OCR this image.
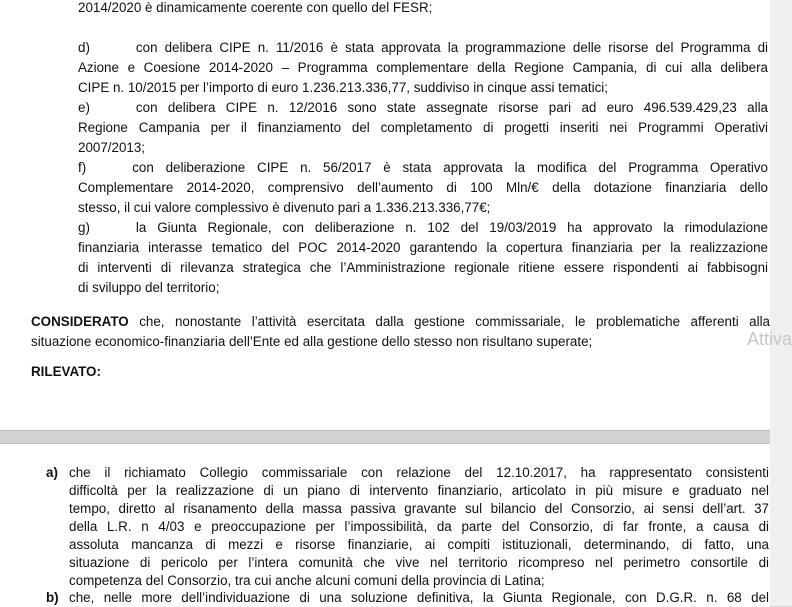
2014/2020 è dinamicamente coerente con quello del FESR;
d)	con delibera CIPE n. 11/2016 è stata approvata la programmazione delle risorse del Programma di
Azione e Coesione 2014-2020 – Programma complementare della Regione Campania, di cui alla delibera
CIPE n. 10/2015 per l’importo di euro 1.236.213.336,77, suddiviso in cinque assi tematici;
e)	con delibera CIPE n. 12/2016 sono state assegnate risorse pari ad euro 496.539.429,23 alla
Regione Campania per il finanziamento del completamento di progetti inseriti nei Programmi Operativi
2007/2013;
f)	con deliberazione CIPE n. 56/2017 è stata approvata la modifica del Programma Operativo
Complementare 2014-2020, comprensivo dell’aumento di 100 Mln/€ della dotazione finanziaria dello
stesso, il cui valore complessivo è divenuto pari a 1.336.213.336,77€;
g)	la Giunta Regionale, con deliberazione n. 102 del 19/03/2019 ha approvato la rimodulazione
finanziaria interasse tematico del POC 2014-2020 garantendo la copertura finanziaria per la realizzazione
di interventi di rilevanza strategica che l’Amministrazione regionale ritiene essere rispondenti ai fabbisogni
di sviluppo del territorio;
CONSIDERATO che, nonostante l’attività esercitata dalla gestione commissariale, le problematiche afferenti alla
situazione economico-finanziaria dell’Ente ed alla gestione dello stesso non risultano superate;
RILEVATO:
a) che il richiamato Collegio commissariale con relazione del 12.10.2017, ha rappresentato consistenti
difficoltà per la realizzazione di un piano di intervento finanziario, articolato in più misure e graduato nel
tempo, diretto al risanamento della massa passiva gravante sul bilancio del Consorzio, ai sensi dell’art. 37
della L.R. n 4/03 e preoccupazione per l’impossibilità, da parte del Consorzio, di far fronte, a causa di
assoluta mancanza di mezzi e risorse finanziarie, ai compiti istituzionali, determinando, di fatto, una
situazione di pericolo per l’intera comunità che vive nel territorio ricompreso nel perimetro consortile di
competenza del Consorzio, tra cui anche alcuni comuni della provincia di Latina;
b) che, nelle more dell’individuazione di una soluzione definitiva, la Giunta Regionale, con D.G.R. n. 68 del
Attiva
